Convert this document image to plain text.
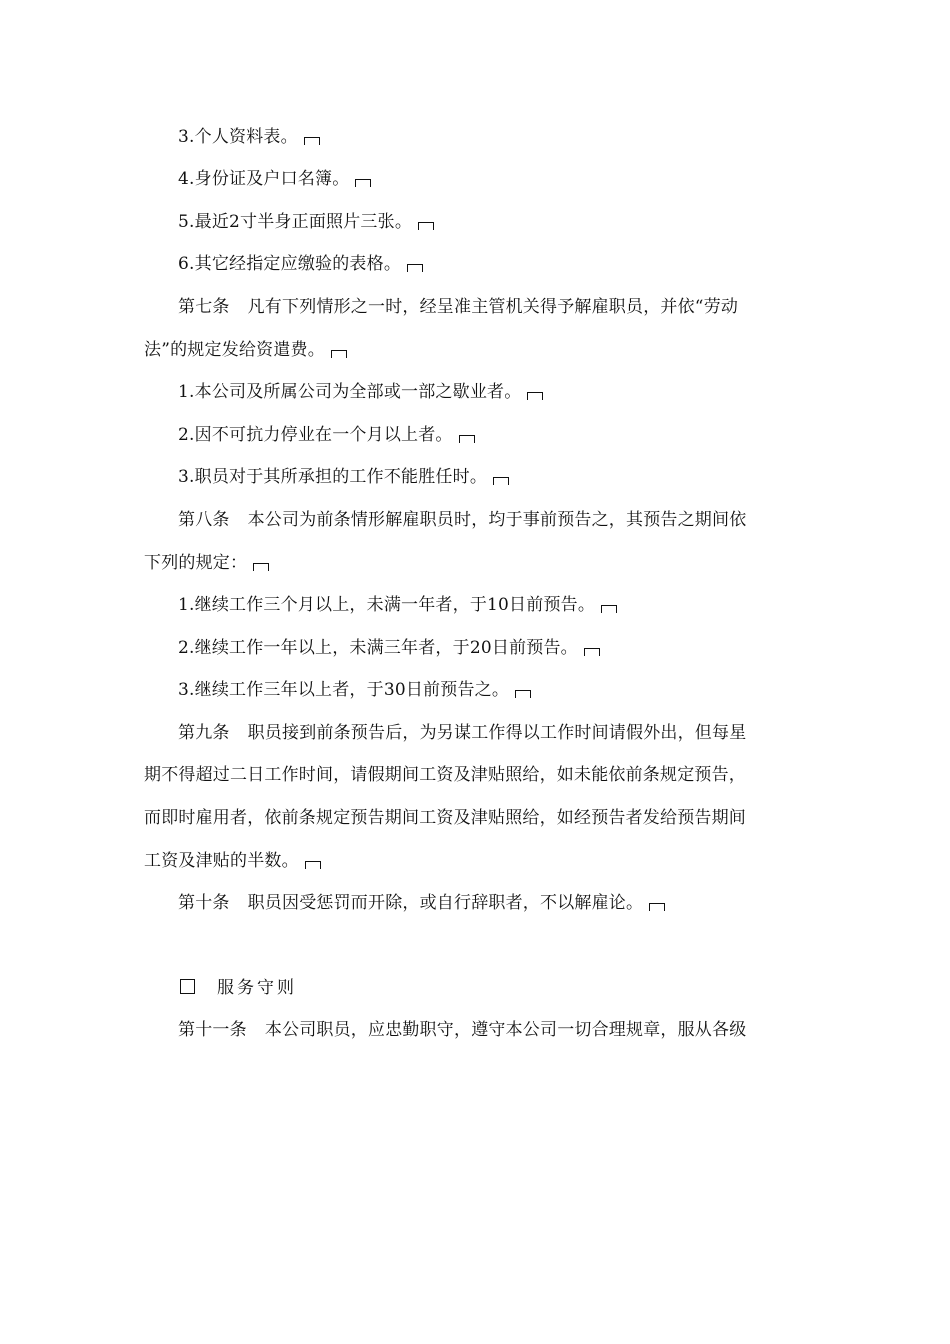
3.个人资料表。
4.身份证及户口名簿。
5.最近2寸半身正面照片三张。
6.其它经指定应缴验的表格。
第七条 凡有下列情形之一时，经呈准主管机关得予解雇职员，并依“劳动
法”的规定发给资遣费。
1.本公司及所属公司为全部或一部之歇业者。
2.因不可抗力停业在一个月以上者。
3.职员对于其所承担的工作不能胜任时。
第八条 本公司为前条情形解雇职员时，均于事前预告之，其预告之期间依
下列的规定：
1.继续工作三个月以上，未满一年者，于10日前预告。
2.继续工作一年以上，未满三年者，于20日前预告。
3.继续工作三年以上者，于30日前预告之。
第九条 职员接到前条预告后，为另谋工作得以工作时间请假外出，但每星
期不得超过二日工作时间，请假期间工资及津贴照给，如未能依前条规定预告，
而即时雇用者，依前条规定预告期间工资及津贴照给，如经预告者发给预告期间
工资及津贴的半数。
第十条 职员因受惩罚而开除，或自行辞职者，不以解雇论。
服务守则
第十一条 本公司职员，应忠勤职守，遵守本公司一切合理规章，服从各级
